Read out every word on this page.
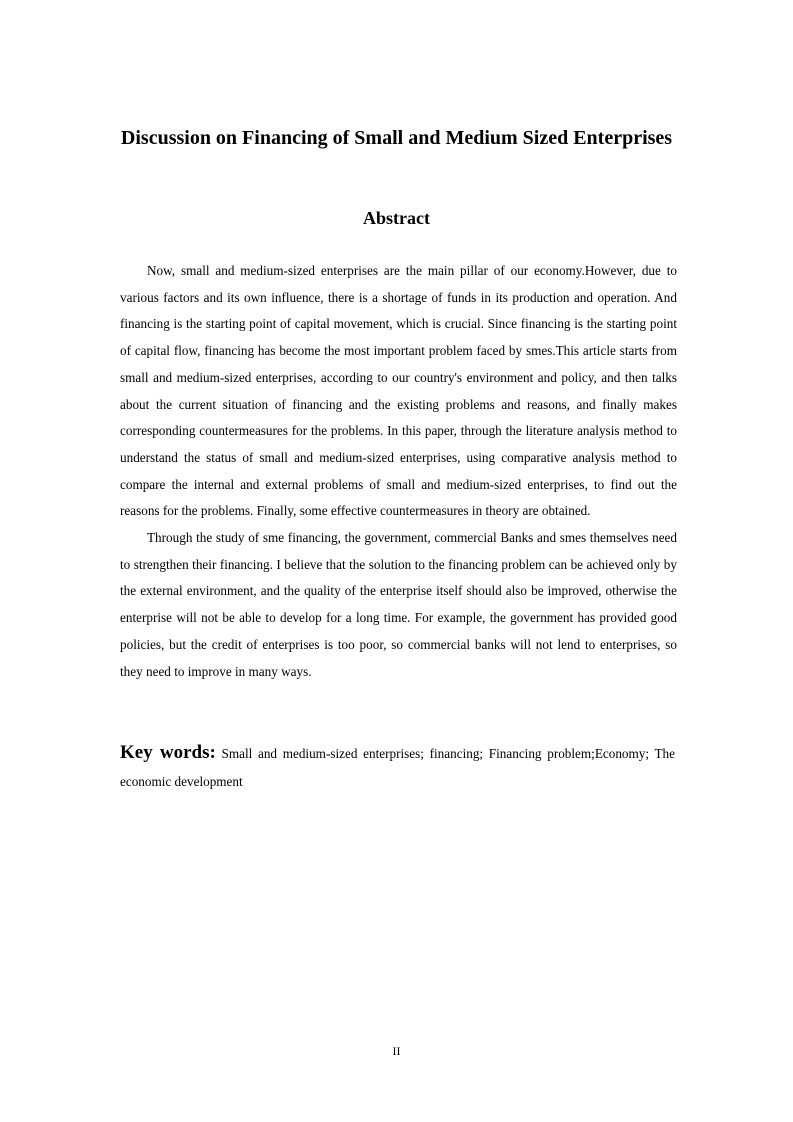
Discussion on Financing of Small and Medium Sized Enterprises
Abstract

Now, small and medium-sized enterprises are the main pillar of our economy.However, due to various factors and its own influence, there is a shortage of funds in its production and operation. And financing is the starting point of capital movement, which is crucial. Since financing is the starting point of capital flow, financing has become the most important problem faced by smes.This article starts from small and medium-sized enterprises, according to our country's environment and policy, and then talks about the current situation of financing and the existing problems and reasons, and finally makes corresponding countermeasures for the problems. In this paper, through the literature analysis method to understand the status of small and medium-sized enterprises, using comparative analysis method to compare the internal and external problems of small and medium-sized enterprises, to find out the reasons for the problems. Finally, some effective countermeasures in theory are obtained.

Through the study of sme financing, the government, commercial Banks and smes themselves need to strengthen their financing. I believe that the solution to the financing problem can be achieved only by the external environment, and the quality of the enterprise itself should also be improved, otherwise the enterprise will not be able to develop for a long time. For example, the government has provided good policies, but the credit of enterprises is too poor, so commercial banks will not lend to enterprises, so they need to improve in many ways.

Key words: Small and medium-sized enterprises; financing; Financing problem;Economy; The economic development
II
